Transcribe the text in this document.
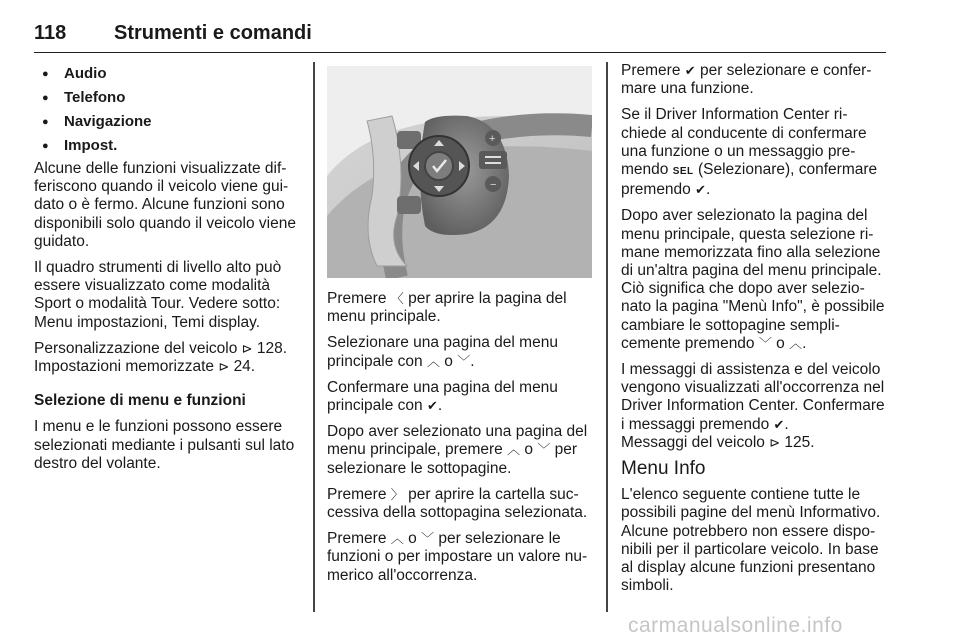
118 Strumenti e comandi
● Audio
● Telefono
● Navigazione
● Impost.

Alcune delle funzioni visualizzate differiscono quando il veicolo viene guidato o è fermo. Alcune funzioni sono disponibili solo quando il veicolo viene guidato.

Il quadro strumenti di livello alto può essere visualizzato come modalità Sport o modalità Tour. Vedere sotto: Menu impostazioni, Temi display.

Personalizzazione del veicolo ⊳ 128.
Impostazioni memorizzate ⊳ 24.

Selezione di menu e funzioni

I menu e le funzioni possono essere selezionati mediante i pulsanti sul lato destro del volante.

+
−

Premere 〈 per aprire la pagina del menu principale.

Selezionare una pagina del menu principale con ︿ o ﹀.

Confermare una pagina del menu principale con ✔.

Dopo aver selezionato una pagina del menu principale, premere ︿ o ﹀ per selezionare le sottopagine.

Premere 〉 per aprire la cartella successiva della sottopagina selezionata.

Premere ︿ o ﹀ per selezionare le funzioni o per impostare un valore numerico all'occorrenza.

Premere ✔ per selezionare e confermare una funzione.

Se il Driver Information Center richiede al conducente di confermare una funzione o un messaggio premendo SEL (Selezionare), confermare premendo ✔.

Dopo aver selezionato la pagina del menu principale, questa selezione rimane memorizzata fino alla selezione di un'altra pagina del menu principale. Ciò significa che dopo aver selezionato la pagina "Menù Info", è possibile cambiare le sottopagine semplicemente premendo ﹀ o ︿.

I messaggi di assistenza e del veicolo vengono visualizzati all'occorrenza nel Driver Information Center. Confermare i messaggi premendo ✔.
Messaggi del veicolo ⊳ 125.

Menu Info

L'elenco seguente contiene tutte le possibili pagine del menù Informativo. Alcune potrebbero non essere disponibili per il particolare veicolo. In base al display alcune funzioni presentano simboli.

carmanualsonline.info
